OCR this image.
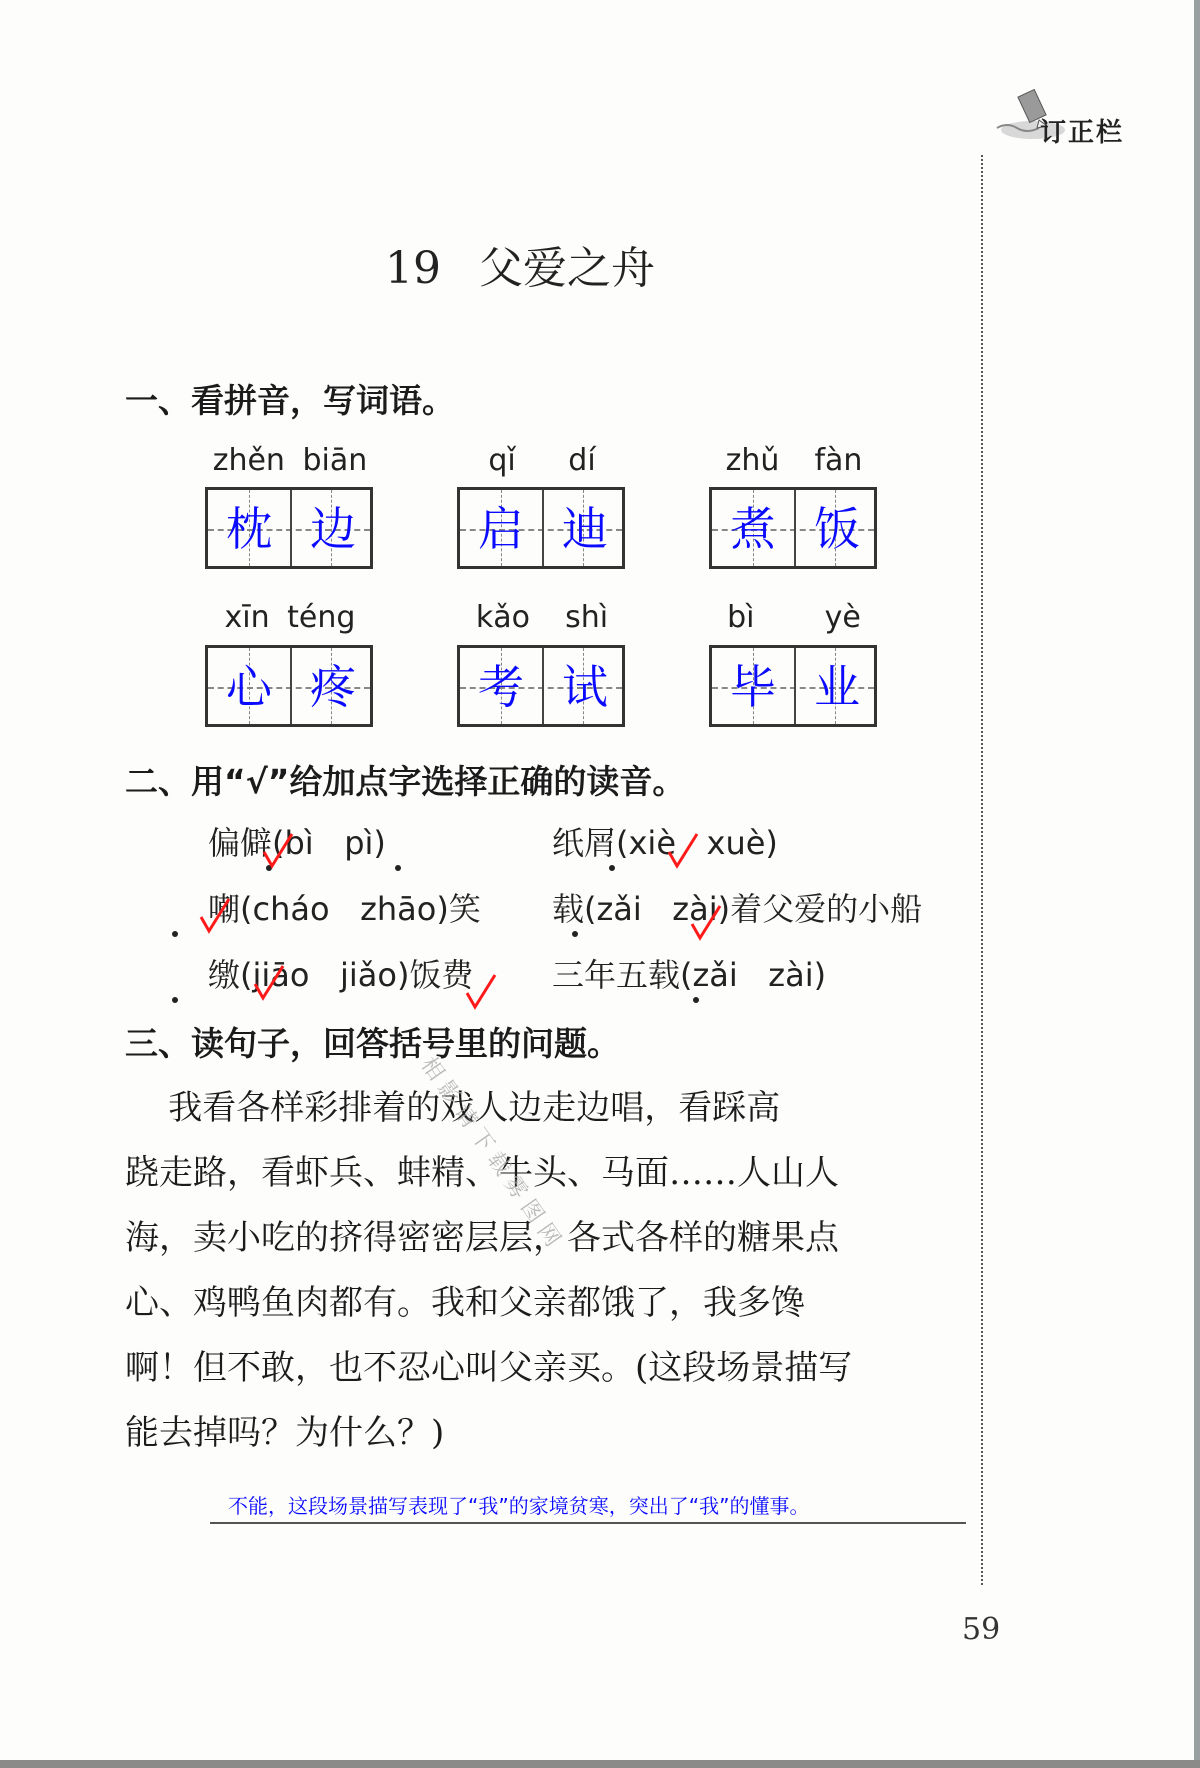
订正栏
19 父爱之舟
一、看拼音，写词语。
zhěn biān	qǐ   dí	zhǔ  fàn
枕 边	启 迪	煮 饭
xīn téng	kǎo  shì	bì    yè
心 疼	考 试	毕 业
二、用“√”给加点字选择正确的读音。
偏僻(bì   pì)	纸屑(xiè   xuè)
嘲(cháo   zhāo)笑 载(zǎi   zài)着父爱的小船
缴(jiāo   jiǎo)饭费 三年五载(zǎi   zài)
三、读句子，回答括号里的问题。
我看各样彩排着的戏人边走边唱，看踩高
跷走路，看虾兵、蚌精、牛头、马面……人山人
海，卖小吃的挤得密密层层，各式各样的糖果点
心、鸡鸭鱼肉都有。我和父亲都饿了，我多馋
啊！但不敢，也不忍心叫父亲买。(这段场景描写
能去掉吗？为什么？)
不能，这段场景描写表现了“我”的家境贫寒，突出了“我”的懂事。
相 影 请 下 载 雾 图 网
59
